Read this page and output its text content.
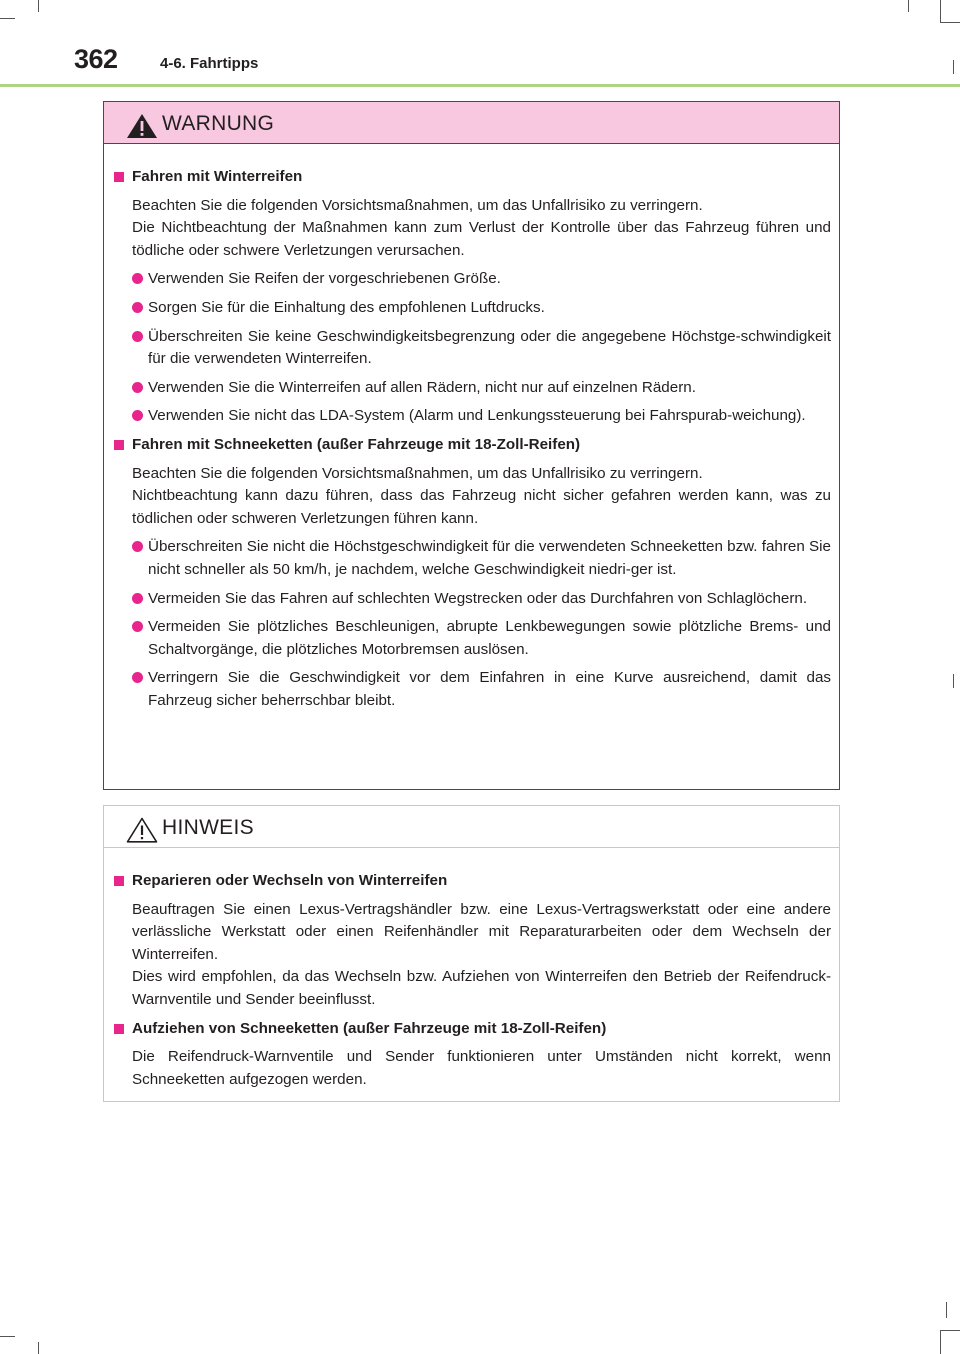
362	4-6. Fahrtipps
WARNUNG
Fahren mit Winterreifen
Beachten Sie die folgenden Vorsichtsmaßnahmen, um das Unfallrisiko zu verringern.
Die Nichtbeachtung der Maßnahmen kann zum Verlust der Kontrolle über das Fahrzeug führen und tödliche oder schwere Verletzungen verursachen.
Verwenden Sie Reifen der vorgeschriebenen Größe.
Sorgen Sie für die Einhaltung des empfohlenen Luftdrucks.
Überschreiten Sie keine Geschwindigkeitsbegrenzung oder die angegebene Höchstge-schwindigkeit für die verwendeten Winterreifen.
Verwenden Sie die Winterreifen auf allen Rädern, nicht nur auf einzelnen Rädern.
Verwenden Sie nicht das LDA-System (Alarm und Lenkungssteuerung bei Fahrspurab-weichung).
Fahren mit Schneeketten (außer Fahrzeuge mit 18-Zoll-Reifen)
Beachten Sie die folgenden Vorsichtsmaßnahmen, um das Unfallrisiko zu verringern.
Nichtbeachtung kann dazu führen, dass das Fahrzeug nicht sicher gefahren werden kann, was zu tödlichen oder schweren Verletzungen führen kann.
Überschreiten Sie nicht die Höchstgeschwindigkeit für die verwendeten Schneeketten bzw. fahren Sie nicht schneller als 50 km/h, je nachdem, welche Geschwindigkeit niedri-ger ist.
Vermeiden Sie das Fahren auf schlechten Wegstrecken oder das Durchfahren von Schlaglöchern.
Vermeiden Sie plötzliches Beschleunigen, abrupte Lenkbewegungen sowie plötzliche Brems- und Schaltvorgänge, die plötzliches Motorbremsen auslösen.
Verringern Sie die Geschwindigkeit vor dem Einfahren in eine Kurve ausreichend, damit das Fahrzeug sicher beherrschbar bleibt.
HINWEIS
Reparieren oder Wechseln von Winterreifen
Beauftragen Sie einen Lexus-Vertragshändler bzw. eine Lexus-Vertragswerkstatt oder eine andere verlässliche Werkstatt oder einen Reifenhändler mit Reparaturarbeiten oder dem Wechseln der Winterreifen.
Dies wird empfohlen, da das Wechseln bzw. Aufziehen von Winterreifen den Betrieb der Reifendruck-Warnventile und Sender beeinflusst.
Aufziehen von Schneeketten (außer Fahrzeuge mit 18-Zoll-Reifen)
Die Reifendruck-Warnventile und Sender funktionieren unter Umständen nicht korrekt, wenn Schneeketten aufgezogen werden.
